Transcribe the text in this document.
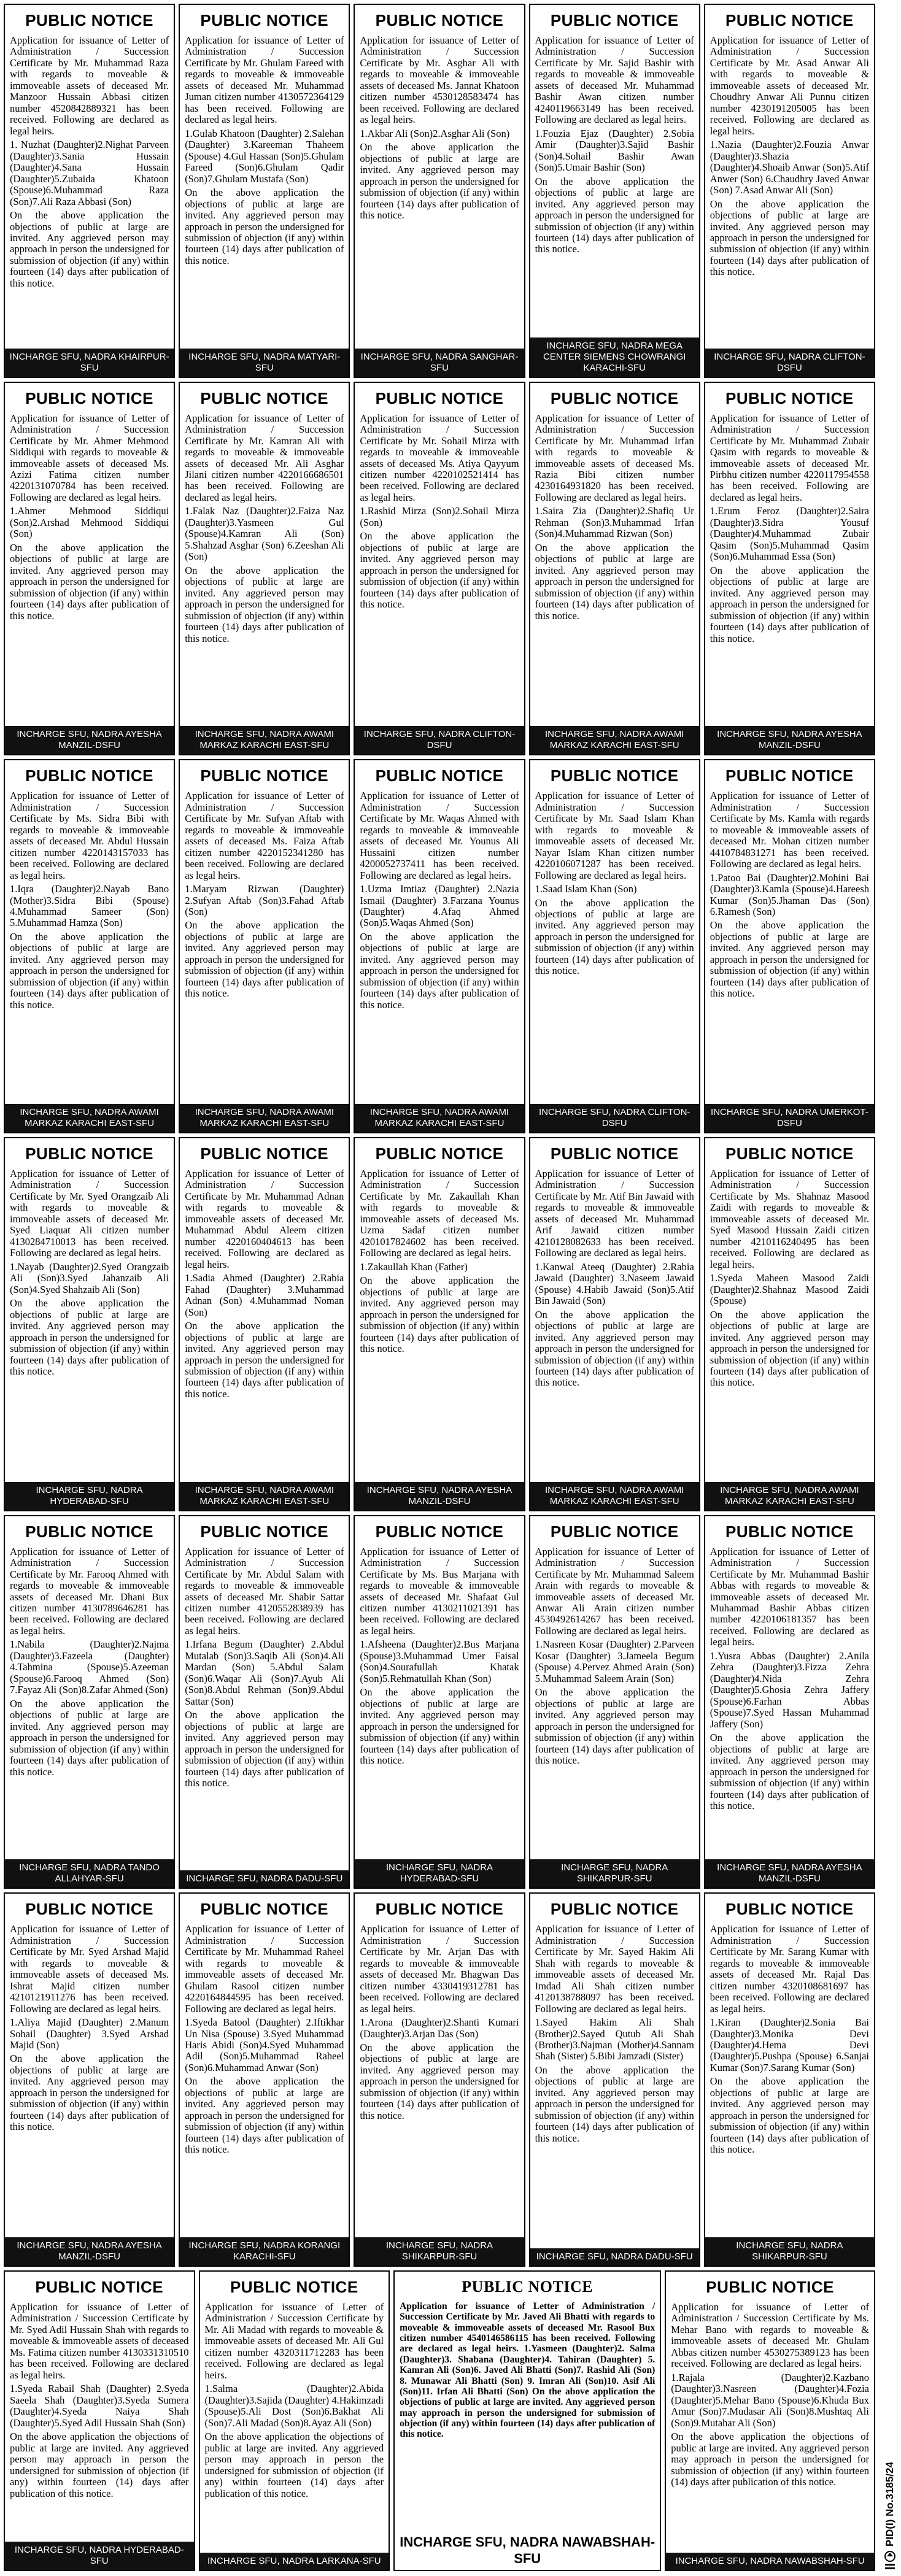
PUBLIC NOTICE

Application for issuance of Letter of Administration / Succession Certificate by Mr. Muhammad Raza with regards to moveable & immoveable assets of deceased Mr. Manzoor Hussain Abbasi citizen number 4520842889321 has been received. Following are declared as legal heirs.

1. Nuzhat (Daughter)2.Nighat Parveen (Daughter)3.Sania Hussain (Daughter)4.Sana Hussain (Daughter)5.Zubaida Khatoon (Spouse)6.Muhammad Raza (Son)7.Ali Raza Abbasi (Son)

On the above application the objections of public at large are invited. Any aggrieved person may approach in person the undersigned for submission of objection (if any) within fourteen (14) days after publication of this notice.

INCHARGE SFU, NADRA KHAIRPUR-SFU
PUBLIC NOTICE

Application for issuance of Letter of Administration / Succession Certificate by Mr. Ghulam Fareed with regards to moveable & immoveable assets of deceased Mr. Muhammad Juman citizen number 4130572364129 has been received. Following are declared as legal heirs.

1.Gulab Khatoon (Daughter) 2.Salehan (Daughter) 3.Kareeman Thaheem (Spouse) 4.Gul Hassan (Son)5.Ghulam Fareed (Son)6.Ghulam Qadir (Son)7.Ghulam Mustafa (Son)

On the above application the objections of public at large are invited. Any aggrieved person may approach in person the undersigned for submission of objection (if any) within fourteen (14) days after publication of this notice.

INCHARGE SFU, NADRA MATYARI-SFU
PUBLIC NOTICE

Application for issuance of Letter of Administration / Succession Certificate by Mr. Asghar Ali with regards to moveable & immoveable assets of deceased Ms. Jannat Khatoon citizen number 4530128583474 has been received. Following are declared as legal heirs.

1.Akbar Ali (Son)2.Asghar Ali (Son)

On the above application the objections of public at large are invited. Any aggrieved person may approach in person the undersigned for submission of objection (if any) within fourteen (14) days after publication of this notice.

INCHARGE SFU, NADRA SANGHAR-SFU
PUBLIC NOTICE

Application for issuance of Letter of Administration / Succession Certificate by Mr. Sajid Bashir with regards to moveable & immoveable assets of deceased Mr. Muhammad Bashir Awan citizen number 4240119663149 has been received. Following are declared as legal heirs.

1.Fouzia Ejaz (Daughter) 2.Sobia Amir (Daughter)3.Sajid Bashir (Son)4.Sohail Bashir Awan (Son)5.Umair Bashir (Son)

On the above application the objections of public at large are invited. Any aggrieved person may approach in person the undersigned for submission of objection (if any) within fourteen (14) days after publication of this notice.

INCHARGE SFU, NADRA MEGA CENTER SIEMENS CHOWRANGI KARACHI-SFU
PUBLIC NOTICE

Application for issuance of Letter of Administration / Succession Certificate by Mr. Asad Anwar Ali with regards to moveable & immoveable assets of deceased Mr. Choudhry Anwar Ali Punnu citizen number 4230191205005 has been received. Following are declared as legal heirs.

1.Nazia (Daughter)2.Fouzia Anwar (Daughter)3.Shazia (Daughter)4.Shoaib Anwar (Son)5.Atif Anwer (Son) 6.Chaudhry Javed Anwar (Son) 7.Asad Anwar Ali (Son)

On the above application the objections of public at large are invited. Any aggrieved person may approach in person the undersigned for submission of objection (if any) within fourteen (14) days after publication of this notice.

INCHARGE SFU, NADRA CLIFTON-DSFU
PUBLIC NOTICE

Application for issuance of Letter of Administration / Succession Certificate by Mr. Ahmer Mehmood Siddiqui with regards to moveable & immoveable assets of deceased Ms. Azizi Fatima citizen number 4220131070784 has been received. Following are declared as legal heirs.

1.Ahmer Mehmood Siddiqui (Son)2.Arshad Mehmood Siddiqui (Son)

On the above application the objections of public at large are invited. Any aggrieved person may approach in person the undersigned for submission of objection (if any) within fourteen (14) days after publication of this notice.

INCHARGE SFU, NADRA AYESHA MANZIL-DSFU
PUBLIC NOTICE

Application for issuance of Letter of Administration / Succession Certificate by Mr. Kamran Ali with regards to moveable & immoveable assets of deceased Mr. Ali Asghar Jilani citizen number 4220166686501 has been received. Following are declared as legal heirs.

1.Falak Naz (Daughter)2.Faiza Naz (Daughter)3.Yasmeen Gul (Spouse)4.Kamran Ali (Son) 5.Shahzad Asghar (Son) 6.Zeeshan Ali (Son)

On the above application the objections of public at large are invited. Any aggrieved person may approach in person the undersigned for submission of objection (if any) within fourteen (14) days after publication of this notice.

INCHARGE SFU, NADRA AWAMI MARKAZ KARACHI EAST-SFU
PUBLIC NOTICE

Application for issuance of Letter of Administration / Succession Certificate by Mr. Sohail Mirza with regards to moveable & immoveable assets of deceased Ms. Atiya Qayyum citizen number 4220102521414 has been received. Following are declared as legal heirs.

1.Rashid Mirza (Son)2.Sohail Mirza (Son)

On the above application the objections of public at large are invited. Any aggrieved person may approach in person the undersigned for submission of objection (if any) within fourteen (14) days after publication of this notice.

INCHARGE SFU, NADRA CLIFTON-DSFU
PUBLIC NOTICE

Application for issuance of Letter of Administration / Succession Certificate by Mr. Muhammad Irfan with regards to moveable & immoveable assets of deceased Ms. Razia Bibi citizen number 4230164931820 has been received. Following are declared as legal heirs.

1.Saira Zia (Daughter)2.Shafiq Ur Rehman (Son)3.Muhammad Irfan (Son)4.Muhammad Rizwan (Son)

On the above application the objections of public at large are invited. Any aggrieved person may approach in person the undersigned for submission of objection (if any) within fourteen (14) days after publication of this notice.

INCHARGE SFU, NADRA AWAMI MARKAZ KARACHI EAST-SFU
PUBLIC NOTICE

Application for issuance of Letter of Administration / Succession Certificate by Mr. Muhammad Zubair Qasim with regards to moveable & immoveable assets of deceased Mr. Pirbhu citizen number 4220117954558 has been received. Following are declared as legal heirs.

1.Erum Feroz (Daughter)2.Saira (Daughter)3.Sidra Yousuf (Daughter)4.Muhammad Zubair Qasim (Son)5.Muhammad Qasim (Son)6.Muhammad Essa (Son)

On the above application the objections of public at large are invited. Any aggrieved person may approach in person the undersigned for submission of objection (if any) within fourteen (14) days after publication of this notice.

INCHARGE SFU, NADRA AYESHA MANZIL-DSFU
PUBLIC NOTICE

Application for issuance of Letter of Administration / Succession Certificate by Ms. Sidra Bibi with regards to moveable & immoveable assets of deceased Mr. Abdul Hussain citizen number 4220143157033 has been received. Following are declared as legal heirs.

1.Iqra (Daughter)2.Nayab Bano (Mother)3.Sidra Bibi (Spouse) 4.Muhammad Sameer (Son) 5.Muhammad Hamza (Son)

On the above application the objections of public at large are invited. Any aggrieved person may approach in person the undersigned for submission of objection (if any) within fourteen (14) days after publication of this notice.

INCHARGE SFU, NADRA AWAMI MARKAZ KARACHI EAST-SFU
PUBLIC NOTICE

Application for issuance of Letter of Administration / Succession Certificate by Mr. Sufyan Aftab with regards to moveable & immoveable assets of deceased Ms. Faiza Aftab citizen number 4220152341280 has been received. Following are declared as legal heirs.

1.Maryam Rizwan (Daughter) 2.Sufyan Aftab (Son)3.Fahad Aftab (Son)

On the above application the objections of public at large are invited. Any aggrieved person may approach in person the undersigned for submission of objection (if any) within fourteen (14) days after publication of this notice.

INCHARGE SFU, NADRA AWAMI MARKAZ KARACHI EAST-SFU
PUBLIC NOTICE

Application for issuance of Letter of Administration / Succession Certificate by Mr. Waqas Ahmed with regards to moveable & immoveable assets of deceased Mr. Younus Ali Hussaini citizen number 4200052737411 has been received. Following are declared as legal heirs.

1.Uzma Imtiaz (Daughter) 2.Nazia Ismail (Daughter) 3.Farzana Younus (Daughter) 4.Afaq Ahmed (Son)5.Waqas Ahmed (Son)

On the above application the objections of public at large are invited. Any aggrieved person may approach in person the undersigned for submission of objection (if any) within fourteen (14) days after publication of this notice.

INCHARGE SFU, NADRA AWAMI MARKAZ KARACHI EAST-SFU
PUBLIC NOTICE

Application for issuance of Letter of Administration / Succession Certificate by Mr. Saad Islam Khan with regards to moveable & immoveable assets of deceased Mr. Nayar Islam Khan citizen number 4220106071287 has been received. Following are declared as legal heirs.

1.Saad Islam Khan (Son)

On the above application the objections of public at large are invited. Any aggrieved person may approach in person the undersigned for submission of objection (if any) within fourteen (14) days after publication of this notice.

INCHARGE SFU, NADRA CLIFTON-DSFU
PUBLIC NOTICE

Application for issuance of Letter of Administration / Succession Certificate by Ms. Kamla with regards to moveable & immoveable assets of deceased Mr. Mohan citizen number 4410784831271 has been received. Following are declared as legal heirs.

1.Patoo Bai (Daughter)2.Mohini Bai (Daughter)3.Kamla (Spouse)4.Hareesh Kumar (Son)5.Jhaman Das (Son) 6.Ramesh (Son)

On the above application the objections of public at large are invited. Any aggrieved person may approach in person the undersigned for submission of objection (if any) within fourteen (14) days after publication of this notice.

INCHARGE SFU, NADRA UMERKOT-DSFU
PUBLIC NOTICE

Application for issuance of Letter of Administration / Succession Certificate by Mr. Syed Orangzaib Ali with regards to moveable & immoveable assets of deceased Mr. Syed Liaquat Ali citizen number 4130284710013 has been received. Following are declared as legal heirs.

1.Nayab (Daughter)2.Syed Orangzaib Ali (Son)3.Syed Jahanzaib Ali (Son)4.Syed Shahzaib Ali (Son)

On the above application the objections of public at large are invited. Any aggrieved person may approach in person the undersigned for submission of objection (if any) within fourteen (14) days after publication of this notice.

INCHARGE SFU, NADRA HYDERABAD-SFU
PUBLIC NOTICE

Application for issuance of Letter of Administration / Succession Certificate by Mr. Muhammad Adnan with regards to moveable & immoveable assets of deceased Mr. Muhammad Abdul Aleem citizen number 4220160404613 has been received. Following are declared as legal heirs.

1.Sadia Ahmed (Daughter) 2.Rabia Fahad (Daughter) 3.Muhammad Adnan (Son) 4.Muhammad Noman (Son)

On the above application the objections of public at large are invited. Any aggrieved person may approach in person the undersigned for submission of objection (if any) within fourteen (14) days after publication of this notice.

INCHARGE SFU, NADRA AWAMI MARKAZ KARACHI EAST-SFU
PUBLIC NOTICE

Application for issuance of Letter of Administration / Succession Certificate by Mr. Zakaullah Khan with regards to moveable & immoveable assets of deceased Ms. Uzma Sadaf citizen number 4201017824602 has been received. Following are declared as legal heirs.

1.Zakaullah Khan (Father)

On the above application the objections of public at large are invited. Any aggrieved person may approach in person the undersigned for submission of objection (if any) within fourteen (14) days after publication of this notice.

INCHARGE SFU, NADRA AYESHA MANZIL-DSFU
PUBLIC NOTICE

Application for issuance of Letter of Administration / Succession Certificate by Mr. Atif Bin Jawaid with regards to moveable & immoveable assets of deceased Mr. Muhammad Arif Jawaid citizen number 4210128082633 has been received. Following are declared as legal heirs.

1.Kanwal Ateeq (Daughter) 2.Rabia Jawaid (Daughter) 3.Naseem Jawaid (Spouse) 4.Habib Jawaid (Son)5.Atif Bin Jawaid (Son)

On the above application the objections of public at large are invited. Any aggrieved person may approach in person the undersigned for submission of objection (if any) within fourteen (14) days after publication of this notice.

INCHARGE SFU, NADRA AWAMI MARKAZ KARACHI EAST-SFU
PUBLIC NOTICE

Application for issuance of Letter of Administration / Succession Certificate by Ms. Shahnaz Masood Zaidi with regards to moveable & immoveable assets of deceased Mr. Syed Masood Hussain Zaidi citizen number 4210116240495 has been received. Following are declared as legal heirs.

1.Syeda Maheen Masood Zaidi (Daughter)2.Shahnaz Masood Zaidi (Spouse)

On the above application the objections of public at large are invited. Any aggrieved person may approach in person the undersigned for submission of objection (if any) within fourteen (14) days after publication of this notice.

INCHARGE SFU, NADRA AWAMI MARKAZ KARACHI EAST-SFU
PUBLIC NOTICE

Application for issuance of Letter of Administration / Succession Certificate by Mr. Farooq Ahmed with regards to moveable & immoveable assets of deceased Mr. Dhani Bux citizen number 4130789646281 has been received. Following are declared as legal heirs.

1.Nabila (Daughter)2.Najma (Daughter)3.Fazeela (Daughter) 4.Tahmina (Spouse)5.Azeeman (Spouse)6.Farooq Ahmed (Son) 7.Fayaz Ali (Son)8.Zafar Ahmed (Son)

On the above application the objections of public at large are invited. Any aggrieved person may approach in person the undersigned for submission of objection (if any) within fourteen (14) days after publication of this notice.

INCHARGE SFU, NADRA TANDO ALLAHYAR-SFU
PUBLIC NOTICE

Application for issuance of Letter of Administration / Succession Certificate by Mr. Abdul Salam with regards to moveable & immoveable assets of deceased Mr. Shabir Sattar citizen number 4120552838939 has been received. Following are declared as legal heirs.

1.Irfana Begum (Daughter) 2.Abdul Mutalab (Son)3.Saqib Ali (Son)4.Ali Mardan (Son) 5.Abdul Salam (Son)6.Waqar Ali (Son)7.Ayub Ali (Son)8.Abdul Rehman (Son)9.Abdul Sattar (Son)

On the above application the objections of public at large are invited. Any aggrieved person may approach in person the undersigned for submission of objection (if any) within fourteen (14) days after publication of this notice.

INCHARGE SFU, NADRA DADU-SFU
PUBLIC NOTICE

Application for issuance of Letter of Administration / Succession Certificate by Ms. Bus Marjana with regards to moveable & immoveable assets of deceased Mr. Shafaat Gul citizen number 4130211021391 has been received. Following are declared as legal heirs.

1.Afsheena (Daughter)2.Bus Marjana (Spouse)3.Muhammad Umer Faisal (Son)4.Sourafullah Khatak (Son)5.Rehmatullah Khan (Son)

On the above application the objections of public at large are invited. Any aggrieved person may approach in person the undersigned for submission of objection (if any) within fourteen (14) days after publication of this notice.

INCHARGE SFU, NADRA HYDERABAD-SFU
PUBLIC NOTICE

Application for issuance of Letter of Administration / Succession Certificate by Mr. Muhammad Saleem Arain with regards to moveable & immoveable assets of deceased Mr. Anwar Ali Arain citizen number 4530492614267 has been received. Following are declared as legal heirs.

1.Nasreen Kosar (Daughter) 2.Parveen Kosar (Daughter) 3.Jameela Begum (Spouse) 4.Pervez Ahmed Arain (Son) 5.Muhammad Saleem Arain (Son)

On the above application the objections of public at large are invited. Any aggrieved person may approach in person the undersigned for submission of objection (if any) within fourteen (14) days after publication of this notice.

INCHARGE SFU, NADRA SHIKARPUR-SFU
PUBLIC NOTICE

Application for issuance of Letter of Administration / Succession Certificate by Mr. Muhammad Bashir Abbas with regards to moveable & immoveable assets of deceased Mr. Muhammad Bashir Abbas citizen number 4220106181357 has been received. Following are declared as legal heirs.

1.Yusra Abbas (Daughter) 2.Anila Zehra (Daughter)3.Fizza Zehra (Daughter)4.Nida Zehra (Daughter)5.Ghosia Zehra Jaffery (Spouse)6.Farhan Abbas (Spouse)7.Syed Hassan Muhammad Jaffery (Son)

On the above application the objections of public at large are invited. Any aggrieved person may approach in person the undersigned for submission of objection (if any) within fourteen (14) days after publication of this notice.

INCHARGE SFU, NADRA AYESHA MANZIL-DSFU
PUBLIC NOTICE

Application for issuance of Letter of Administration / Succession Certificate by Mr. Syed Arshad Majid with regards to moveable & immoveable assets of deceased Ms. Ishrat Majid citizen number 4210121911276 has been received. Following are declared as legal heirs.

1.Aliya Majid (Daughter) 2.Manum Sohail (Daughter) 3.Syed Arshad Majid (Son)

On the above application the objections of public at large are invited. Any aggrieved person may approach in person the undersigned for submission of objection (if any) within fourteen (14) days after publication of this notice.

INCHARGE SFU, NADRA AYESHA MANZIL-DSFU
PUBLIC NOTICE

Application for issuance of Letter of Administration / Succession Certificate by Mr. Muhammad Raheel with regards to moveable & immoveable assets of deceased Mr. Ghulam Rasool citizen number 4220164844595 has been received. Following are declared as legal heirs.

1.Syeda Batool (Daughter) 2.Iftikhar Un Nisa (Spouse) 3.Syed Muhammad Haris Abidi (Son)4.Syed Muhammad Adil (Son)5.Muhammad Raheel (Son)6.Muhammad Anwar (Son)

On the above application the objections of public at large are invited. Any aggrieved person may approach in person the undersigned for submission of objection (if any) within fourteen (14) days after publication of this notice.

INCHARGE SFU, NADRA KORANGI KARACHI-SFU
PUBLIC NOTICE

Application for issuance of Letter of Administration / Succession Certificate by Mr. Arjan Das with regards to moveable & immoveable assets of deceased Mr. Bhagwan Das citizen number 4330419312781 has been received. Following are declared as legal heirs.

1.Arona (Daughter)2.Shanti Kumari (Daughter)3.Arjan Das (Son)

On the above application the objections of public at large are invited. Any aggrieved person may approach in person the undersigned for submission of objection (if any) within fourteen (14) days after publication of this notice.

INCHARGE SFU, NADRA SHIKARPUR-SFU
PUBLIC NOTICE

Application for issuance of Letter of Administration / Succession Certificate by Mr. Sayed Hakim Ali Shah with regards to moveable & immoveable assets of deceased Mr. Imdad Ali Shah citizen number 4120138788097 has been received. Following are declared as legal heirs.

1.Sayed Hakim Ali Shah (Brother)2.Sayed Qutub Ali Shah (Brother)3.Najman (Mother)4.Sannam Shah (Sister) 5.Bibi Jamzadi (Sister)

On the above application the objections of public at large are invited. Any aggrieved person may approach in person the undersigned for submission of objection (if any) within fourteen (14) days after publication of this notice.

INCHARGE SFU, NADRA DADU-SFU
PUBLIC NOTICE

Application for issuance of Letter of Administration / Succession Certificate by Mr. Sarang Kumar with regards to moveable & immoveable assets of deceased Mr. Rajal Das citizen number 4320108681697 has been received. Following are declared as legal heirs.

1.Kiran (Daughter)2.Sonia Bai (Daughter)3.Monika Devi (Daughter)4.Hema Devi (Daughter)5.Pushpa (Spouse) 6.Sanjai Kumar (Son)7.Sarang Kumar (Son)

On the above application the objections of public at large are invited. Any aggrieved person may approach in person the undersigned for submission of objection (if any) within fourteen (14) days after publication of this notice.

INCHARGE SFU, NADRA SHIKARPUR-SFU
PUBLIC NOTICE

Application for issuance of Letter of Administration / Succession Certificate by Mr. Syed Adil Hussain Shah with regards to moveable & immoveable assets of deceased Ms. Fatima citizen number 4130331310510 has been received. Following are declared as legal heirs.

1.Syeda Rabail Shah (Daughter) 2.Syeda Saeela Shah (Daughter)3.Syeda Sumera (Daughter)4.Syeda Naiya Shah (Daughter)5.Syed Adil Hussain Shah (Son)

On the above application the objections of public at large are invited. Any aggrieved person may approach in person the undersigned for submission of objection (if any) within fourteen (14) days after publication of this notice.

INCHARGE SFU, NADRA HYDERABAD-SFU
PUBLIC NOTICE

Application for issuance of Letter of Administration / Succession Certificate by Mr. Ali Madad with regards to moveable & immoveable assets of deceased Mr. Ali Gul citizen number 4320311712283 has been received. Following are declared as legal heirs.

1.Salma (Daughter)2.Abida (Daughter)3.Sajida (Daughter) 4.Hakimzadi (Spouse)5.Ali Dost (Son)6.Bakhat Ali (Son)7.Ali Madad (Son)8.Ayaz Ali (Son)

On the above application the objections of public at large are invited. Any aggrieved person may approach in person the undersigned for submission of objection (if any) within fourteen (14) days after publication of this notice.

INCHARGE SFU, NADRA LARKANA-SFU
PUBLIC NOTICE

Application for issuance of Letter of Administration / Succession Certificate by Mr. Javed Ali Bhatti with regards to moveable & immoveable assets of deceased Mr. Rasool Bux citizen number 4540146586115 has been received. Following are declared as legal heirs. 1.Yasmeen (Daughter)2. Salma (Daughter)3. Shabana (Daughter)4. Tahiran (Daughter) 5. Kamran Ali (Son)6. Javed Ali Bhatti (Son)7. Rashid Ali (Son) 8. Munawar Ali Bhatti (Son) 9. Imran Ali (Son)10. Asif Ali (Son)11. Irfan Ali Bhatti (Son) On the above application the objections of public at large are invited. Any aggrieved person may approach in person the undersigned for submission of objection (if any) within fourteen (14) days after publication of this notice.

INCHARGE SFU, NADRA NAWABSHAH-SFU
PUBLIC NOTICE

Application for issuance of Letter of Administration / Succession Certificate by Ms. Mehar Bano with regards to moveable & immoveable assets of deceased Mr. Ghulam Abbas citizen number 4530275389123 has been received. Following are declared as legal heirs.

1.Rajala (Daughter)2.Kazbano (Daughter)3.Nasreen (Daughter)4.Fozia (Daughter)5.Mehar Bano (Spouse)6.Khuda Bux Amur (Son)7.Mudasar Ali (Son)8.Mushtaq Ali (Son)9.Mutahar Ali (Son)

On the above application the objections of public at large are invited. Any aggrieved person may approach in person the undersigned for submission of objection (if any) within fourteen (14) days after publication of this notice.

INCHARGE SFU, NADRA NAWABSHAH-SFU
PID(I) No.3185/24
